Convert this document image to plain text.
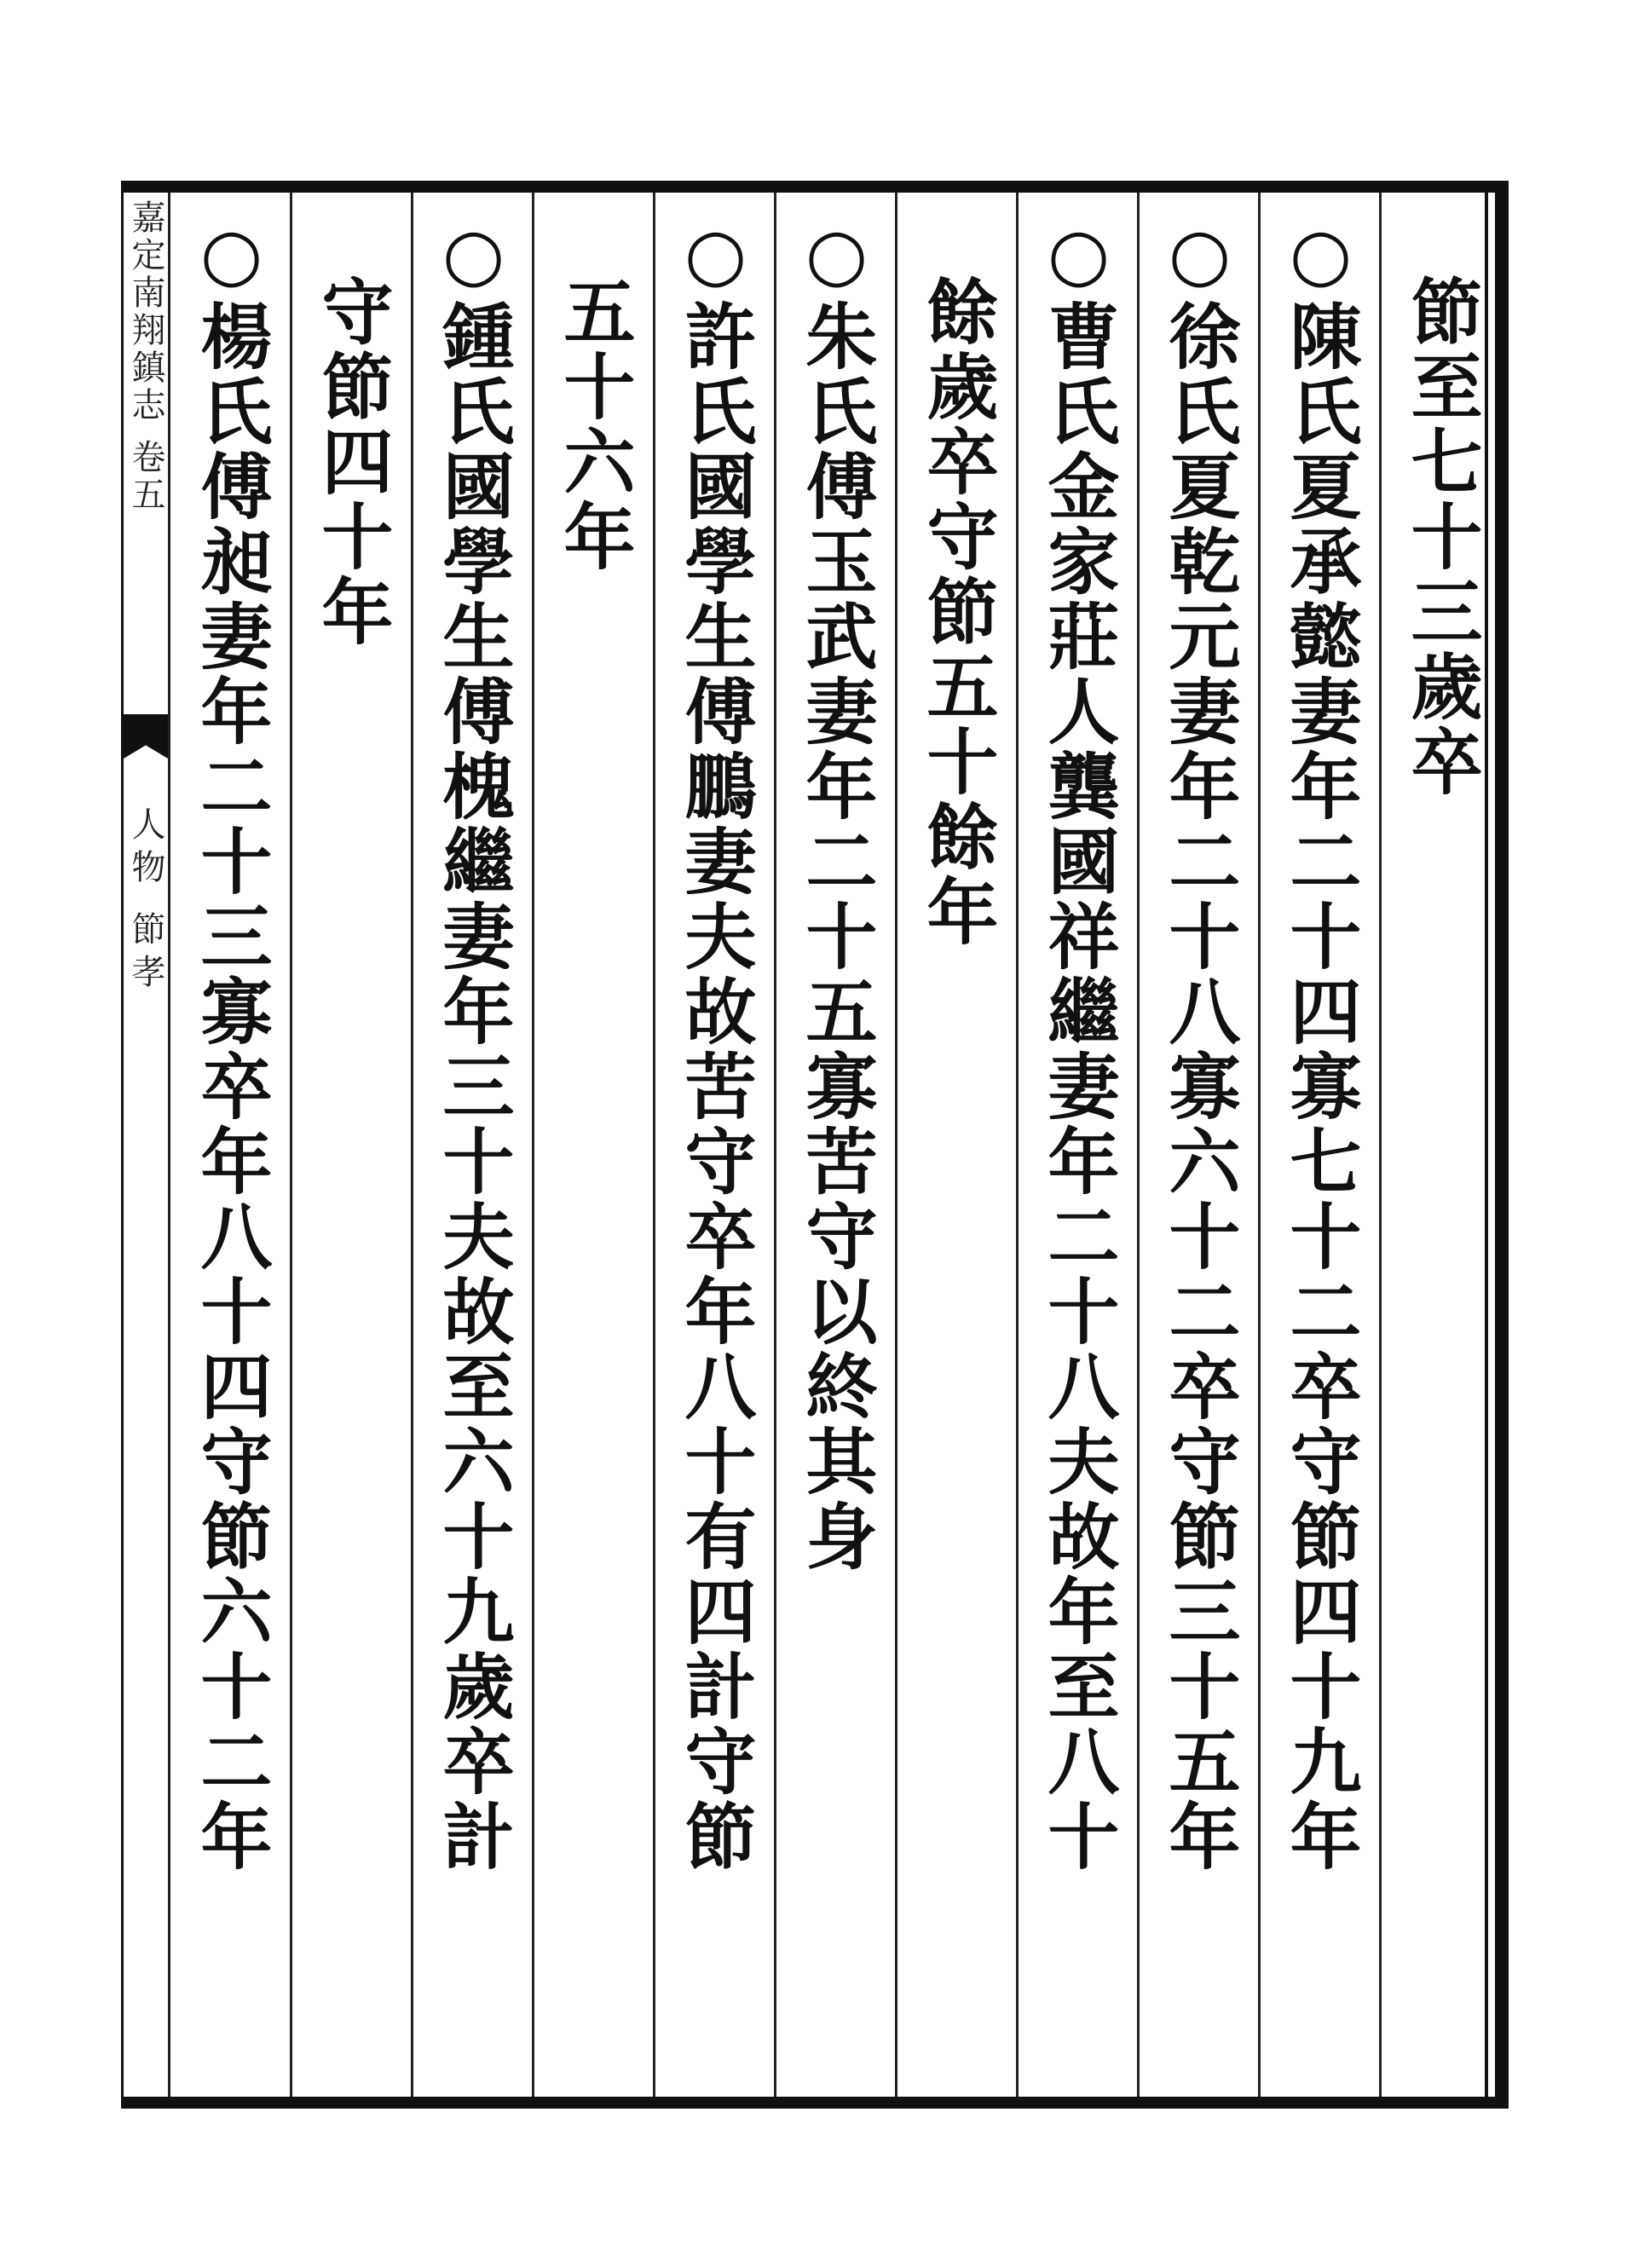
嘉定南翔鎮志 卷五
人物 節孝
節至七十三歲卒
○陳氏夏承懿妻年二十四寡七十二卒守節四十九年
○徐氏夏乾元妻年二十八寡六十二卒守節三十五年
○曹氏金家莊人龔國祥繼妻年二十八夫故年至八十
餘歲卒守節五十餘年
○朱氏傅玉武妻年二十五寡苦守以終其身
○許氏國學生傅鵬妻夫故苦守卒年八十有四計守節
五十六年
○鍾氏國學生傅槐繼妻年三十夫故至六十九歲卒計
守節四十年
○楊氏傅昶妻年二十三寡卒年八十四守節六十二年
